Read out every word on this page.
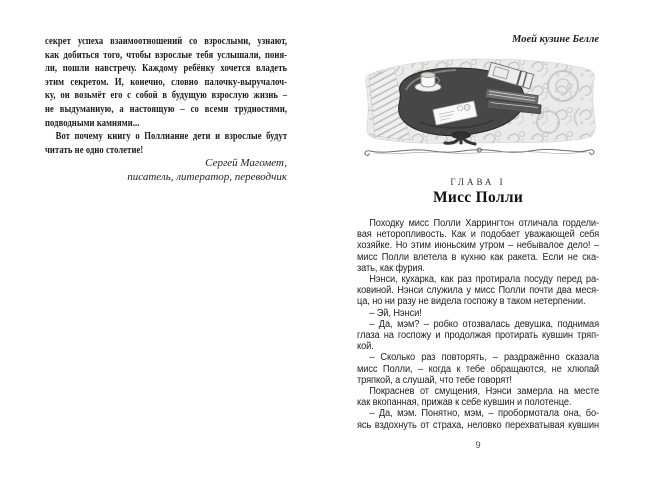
секрет успеха взаимоотношений со взрослыми, узнают,
как добиться того, чтобы взрослые тебя услышали, поня-
ли, пошли навстречу. Каждому ребёнку хочется владеть
этим секретом. И, конечно, словно палочку-выручалоч-
ку, он возьмёт его с собой в будущую взрослую жизнь –
не выдуманную, а настоящую – со всеми трудностями,
подводными камнями...
Вот почему книгу о Поллианне дети и взрослые будут
читать не одно столетие!
Сергей Магомет,
писатель, литератор, переводчик
Моей кузине Белле
ГЛАВА I
Мисс Полли
Походку мисс Полли Харрингтон отличала гордели-
вая неторопливость. Как и подобает уважающей себя
хозяйке. Но этим июньским утром – небывалое дело! –
мисс Полли влетела в кухню как ракета. Если не ска-
зать, как фурия.
Нэнси, кухарка, как раз протирала посуду перед ра-
ковиной. Нэнси служила у мисс Полли почти два меся-
ца, но ни разу не видела госпожу в таком нетерпении.
– Эй, Нэнси!
– Да, мэм? – робко отозвалась девушка, поднимая
глаза на госпожу и продолжая протирать кувшин тряп-
кой.
– Сколько раз повторять, – раздражённо сказала
мисс Полли, – когда к тебе обращаются, не хлюпай
тряпкой, а слушай, что тебе говорят!
Покраснев от смущения, Нэнси замерла на месте
как вкопанная, прижав к себе кувшин и полотенце.
– Да, мэм. Понятно, мэм, – пробормотала она, бо-
ясь вздохнуть от страха, неловко перехватывая кувшин
9
